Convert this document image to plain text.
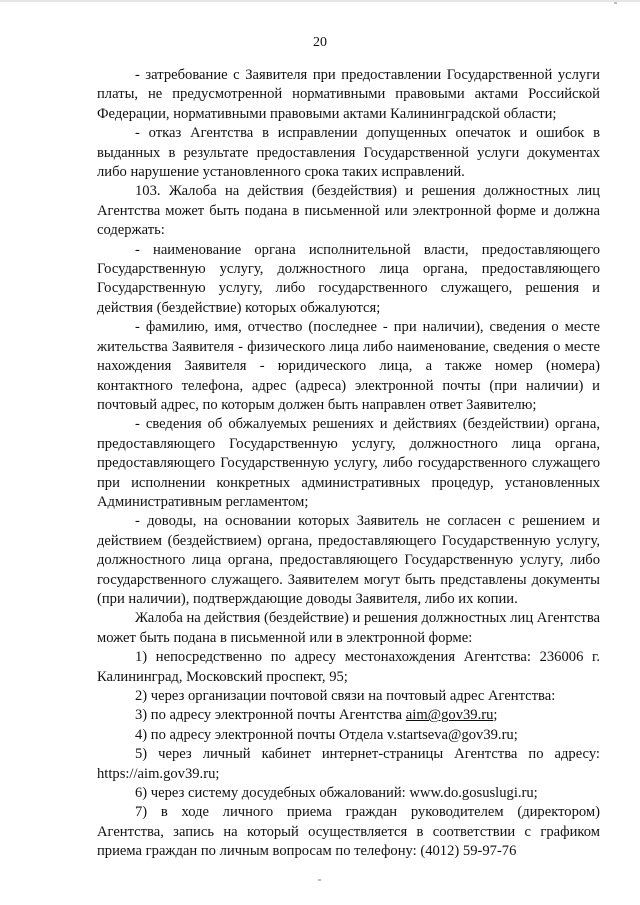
20

- затребование с Заявителя при предоставлении Государственной услуги платы, не предусмотренной нормативными правовыми актами Российской Федерации, нормативными правовыми актами Калининградской области;

- отказ Агентства в исправлении допущенных опечаток и ошибок в выданных в результате предоставления Государственной услуги документах либо нарушение установленного срока таких исправлений.

103. Жалоба на действия (бездействия) и решения должностных лиц Агентства может быть подана в письменной или электронной форме и должна содержать:

- наименование органа исполнительной власти, предоставляющего Государственную услугу, должностного лица органа, предоставляющего Государственную услугу, либо государственного служащего, решения и действия (бездействие) которых обжалуются;

- фамилию, имя, отчество (последнее - при наличии), сведения о месте жительства Заявителя - физического лица либо наименование, сведения о месте нахождения Заявителя - юридического лица, а также номер (номера) контактного телефона, адрес (адреса) электронной почты (при наличии) и почтовый адрес, по которым должен быть направлен ответ Заявителю;

- сведения об обжалуемых решениях и действиях (бездействии) органа, предоставляющего Государственную услугу, должностного лица органа, предоставляющего Государственную услугу, либо государственного служащего при исполнении конкретных административных процедур, установленных Административным регламентом;

- доводы, на основании которых Заявитель не согласен с решением и действием (бездействием) органа, предоставляющего Государственную услугу, должностного лица органа, предоставляющего Государственную услугу, либо государственного служащего. Заявителем могут быть представлены документы (при наличии), подтверждающие доводы Заявителя, либо их копии.

Жалоба на действия (бездействие) и решения должностных лиц Агентства может быть подана в письменной или в электронной форме:

1) непосредственно по адресу местонахождения Агентства: 236006 г. Калининград, Московский проспект, 95;

2) через организации почтовой связи на почтовый адрес Агентства:

3) по адресу электронной почты Агентства aim@gov39.ru;

4) по адресу электронной почты Отдела v.startseva@gov39.ru;

5) через личный кабинет интернет-страницы Агентства по адресу: https://aim.gov39.ru;

6) через систему досудебных обжалований: www.do.gosuslugi.ru;

7) в ходе личного приема граждан руководителем (директором) Агентства, запись на который осуществляется в соответствии с графиком приема граждан по личным вопросам по телефону: (4012) 59-97-76
